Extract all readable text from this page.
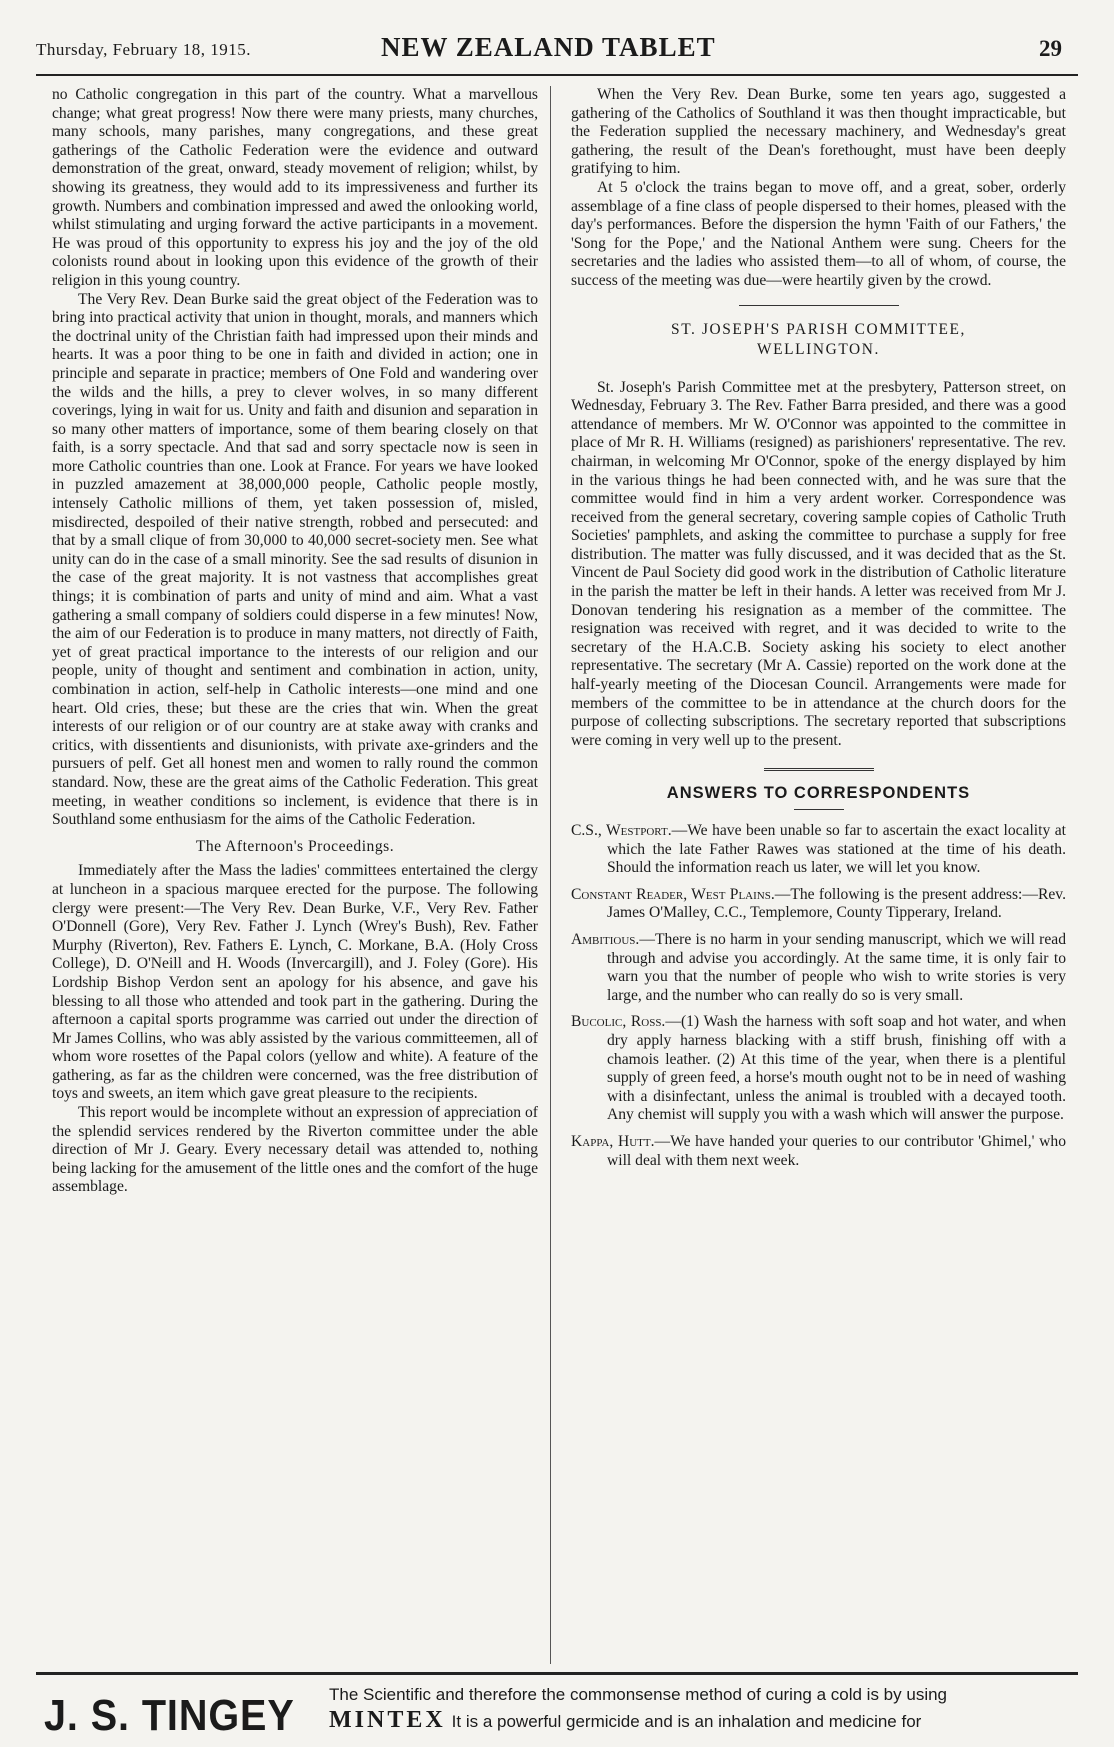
Thursday, February 18, 1915.	NEW ZEALAND TABLET	29

no Catholic congregation in this part of the country. What a marvellous change; what great progress! Now there were many priests, many churches, many schools, many parishes, many congregations, and these great gatherings of the Catholic Federation were the evidence and outward demonstration of the great, onward, steady movement of religion; whilst, by showing its greatness, they would add to its impressiveness and further its growth. Numbers and combination impressed and awed the onlooking world, whilst stimulating and urging forward the active participants in a movement. He was proud of this opportunity to express his joy and the joy of the old colonists round about in looking upon this evidence of the growth of their religion in this young country.

The Very Rev. Dean Burke said the great object of the Federation was to bring into practical activity that union in thought, morals, and manners which the doctrinal unity of the Christian faith had impressed upon their minds and hearts. It was a poor thing to be one in faith and divided in action; one in principle and separate in practice; members of One Fold and wandering over the wilds and the hills, a prey to clever wolves, in so many different coverings, lying in wait for us. Unity and faith and disunion and separation in so many other matters of importance, some of them bearing closely on that faith, is a sorry spectacle. And that sad and sorry spectacle now is seen in more Catholic countries than one. Look at France. For years we have looked in puzzled amazement at 38,000,000 people, Catholic people mostly, intensely Catholic millions of them, yet taken possession of, misled, misdirected, despoiled of their native strength, robbed and persecuted: and that by a small clique of from 30,000 to 40,000 secret-society men. See what unity can do in the case of a small minority. See the sad results of disunion in the case of the great majority. It is not vastness that accomplishes great things; it is combination of parts and unity of mind and aim. What a vast gathering a small company of soldiers could disperse in a few minutes! Now, the aim of our Federation is to produce in many matters, not directly of Faith, yet of great practical importance to the interests of our religion and our people, unity of thought and sentiment and combination in action, unity, combination in action, self-help in Catholic interests—one mind and one heart. Old cries, these; but these are the cries that win. When the great interests of our religion or of our country are at stake away with cranks and critics, with dissentients and disunionists, with private axe-grinders and the pursuers of pelf. Get all honest men and women to rally round the common standard. Now, these are the great aims of the Catholic Federation. This great meeting, in weather conditions so inclement, is evidence that there is in Southland some enthusiasm for the aims of the Catholic Federation.

The Afternoon's Proceedings.

Immediately after the Mass the ladies' committees entertained the clergy at luncheon in a spacious marquee erected for the purpose. The following clergy were present:—The Very Rev. Dean Burke, V.F., Very Rev. Father O'Donnell (Gore), Very Rev. Father J. Lynch (Wrey's Bush), Rev. Father Murphy (Riverton), Rev. Fathers E. Lynch, C. Morkane, B.A. (Holy Cross College), D. O'Neill and H. Woods (Invercargill), and J. Foley (Gore). His Lordship Bishop Verdon sent an apology for his absence, and gave his blessing to all those who attended and took part in the gathering. During the afternoon a capital sports programme was carried out under the direction of Mr James Collins, who was ably assisted by the various committeemen, all of whom wore rosettes of the Papal colors (yellow and white). A feature of the gathering, as far as the children were concerned, was the free distribution of toys and sweets, an item which gave great pleasure to the recipients.

This report would be incomplete without an expression of appreciation of the splendid services rendered by the Riverton committee under the able direction of Mr J. Geary. Every necessary detail was attended to, nothing being lacking for the amusement of the little ones and the comfort of the huge assemblage.

When the Very Rev. Dean Burke, some ten years ago, suggested a gathering of the Catholics of Southland it was then thought impracticable, but the Federation supplied the necessary machinery, and Wednesday's great gathering, the result of the Dean's forethought, must have been deeply gratifying to him.

At 5 o'clock the trains began to move off, and a great, sober, orderly assemblage of a fine class of people dispersed to their homes, pleased with the day's performances. Before the dispersion the hymn 'Faith of our Fathers,' the 'Song for the Pope,' and the National Anthem were sung. Cheers for the secretaries and the ladies who assisted them—to all of whom, of course, the success of the meeting was due—were heartily given by the crowd.

ST. JOSEPH'S PARISH COMMITTEE,
WELLINGTON.

St. Joseph's Parish Committee met at the presbytery, Patterson street, on Wednesday, February 3. The Rev. Father Barra presided, and there was a good attendance of members. Mr W. O'Connor was appointed to the committee in place of Mr R. H. Williams (resigned) as parishioners' representative. The rev. chairman, in welcoming Mr O'Connor, spoke of the energy displayed by him in the various things he had been connected with, and he was sure that the committee would find in him a very ardent worker. Correspondence was received from the general secretary, covering sample copies of Catholic Truth Societies' pamphlets, and asking the committee to purchase a supply for free distribution. The matter was fully discussed, and it was decided that as the St. Vincent de Paul Society did good work in the distribution of Catholic literature in the parish the matter be left in their hands. A letter was received from Mr J. Donovan tendering his resignation as a member of the committee. The resignation was received with regret, and it was decided to write to the secretary of the H.A.C.B. Society asking his society to elect another representative. The secretary (Mr A. Cassie) reported on the work done at the half-yearly meeting of the Diocesan Council. Arrangements were made for members of the committee to be in attendance at the church doors for the purpose of collecting subscriptions. The secretary reported that subscriptions were coming in very well up to the present.

ANSWERS TO CORRESPONDENTS

C.S., Westport.—We have been unable so far to ascertain the exact locality at which the late Father Rawes was stationed at the time of his death. Should the information reach us later, we will let you know.

Constant Reader, West Plains.—The following is the present address:—Rev. James O'Malley, C.C., Templemore, County Tipperary, Ireland.

Ambitious.—There is no harm in your sending manuscript, which we will read through and advise you accordingly. At the same time, it is only fair to warn you that the number of people who wish to write stories is very large, and the number who can really do so is very small.

Bucolic, Ross.—(1) Wash the harness with soft soap and hot water, and when dry apply harness blacking with a stiff brush, finishing off with a chamois leather. (2) At this time of the year, when there is a plentiful supply of green feed, a horse's mouth ought not to be in need of washing with a disinfectant, unless the animal is troubled with a decayed tooth. Any chemist will supply you with a wash which will answer the purpose.

Kappa, Hutt.—We have handed your queries to our contributor 'Ghimel,' who will deal with them next week.

J. S. TINGEY The Scientific and therefore the commonsense method of curing a cold is by using
MINTEX It is a powerful germicide and is an inhalation and medicine for
